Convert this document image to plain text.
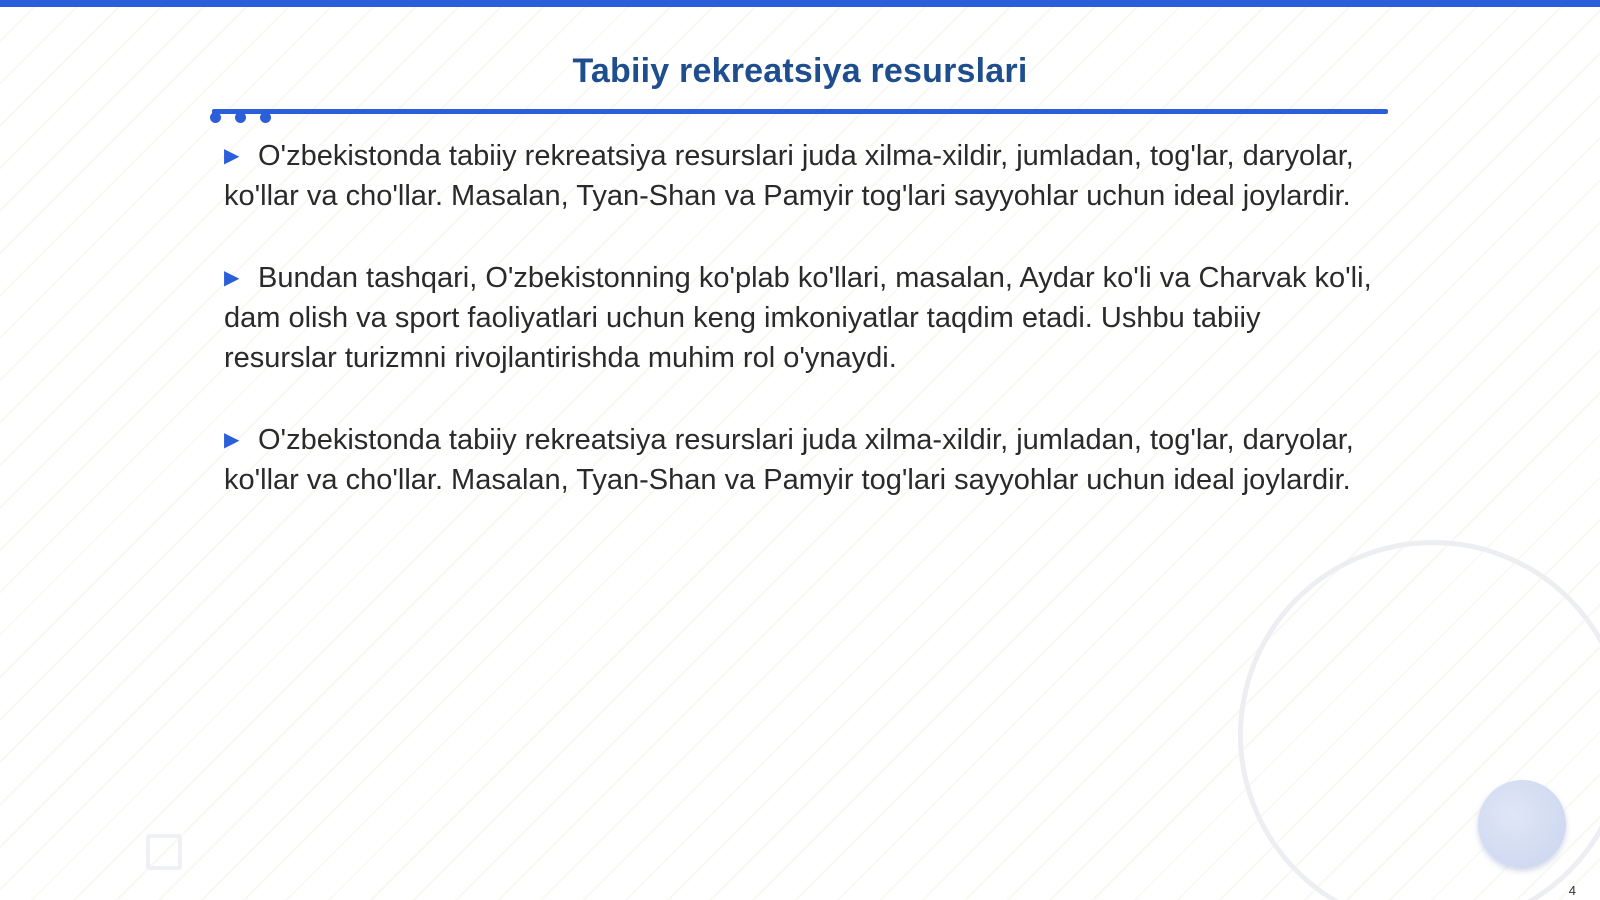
Tabiiy rekreatsiya resurslari
▶ O'zbekistonda tabiiy rekreatsiya resurslari juda xilma-xildir, jumladan, tog'lar, daryolar, ko'llar va cho'llar. Masalan, Tyan-Shan va Pamyir tog'lari sayyohlar uchun ideal joylardir.
▶ Bundan tashqari, O'zbekistonning ko'plab ko'llari, masalan, Aydar ko'li va Charvak ko'li, dam olish va sport faoliyatlari uchun keng imkoniyatlar taqdim etadi. Ushbu tabiiy resurslar turizmni rivojlantirishda muhim rol o'ynaydi.
▶ O'zbekistonda tabiiy rekreatsiya resurslari juda xilma-xildir, jumladan, tog'lar, daryolar, ko'llar va cho'llar. Masalan, Tyan-Shan va Pamyir tog'lari sayyohlar uchun ideal joylardir.
4
